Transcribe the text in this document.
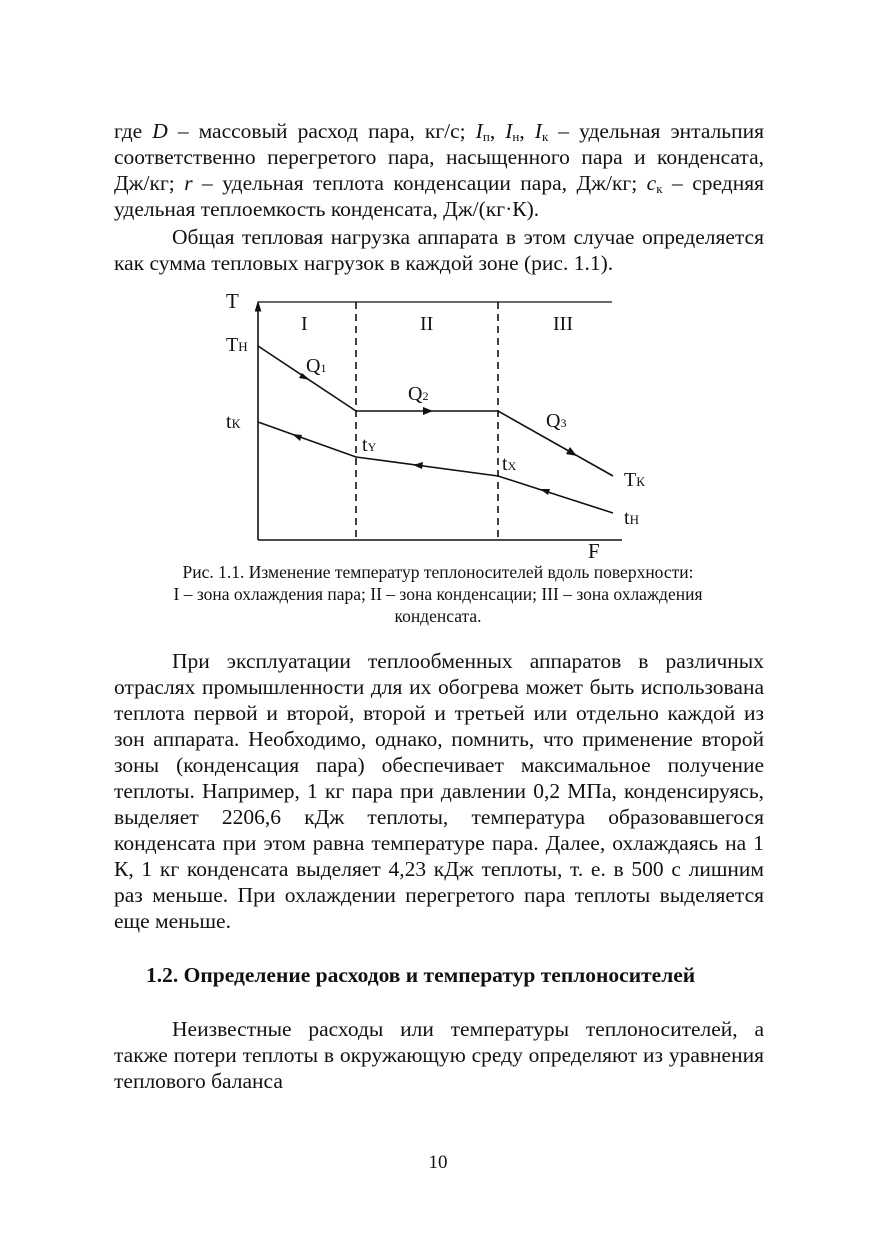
где D – массовый расход пара, кг/с; Iп, Iн, Iк – удельная энтальпия соответственно перегретого пара, насыщенного пара и конденсата, Дж/кг; r – удельная теплота конденсации пара, Дж/кг; cк – средняя удельная теплоемкость конденсата, Дж/(кг·К).

Общая тепловая нагрузка аппарата в этом случае определяется как сумма тепловых нагрузок в каждой зоне (рис. 1.1).

T
F
I	II	III
TН
tК
Q1
Q2
Q3
tY
tX
TК
tН
Рис. 1.1. Изменение температур теплоносителей вдоль поверхности:
I – зона охлаждения пара; II – зона конденсации; III – зона охлаждения
конденсата.

При эксплуатации теплообменных аппаратов в различных отраслях промышленности для их обогрева может быть использована теплота первой и второй, второй и третьей или отдельно каждой из зон аппарата. Необходимо, однако, помнить, что применение второй зоны (конденсация пара) обеспечивает максимальное получение теплоты. Например, 1 кг пара при давлении 0,2 МПа, конденсируясь, выделяет 2206,6 кДж теплоты, температура образовавшегося конденсата при этом равна температуре пара. Далее, охлаждаясь на 1 К, 1 кг конденсата выделяет 4,23 кДж теплоты, т. е. в 500 с лишним раз меньше. При охлаждении перегретого пара теплоты выделяется еще меньше.

1.2. Определение расходов и температур теплоносителей

Неизвестные расходы или температуры теплоносителей, а также потери теплоты в окружающую среду определяют из уравнения теплового баланса

10
